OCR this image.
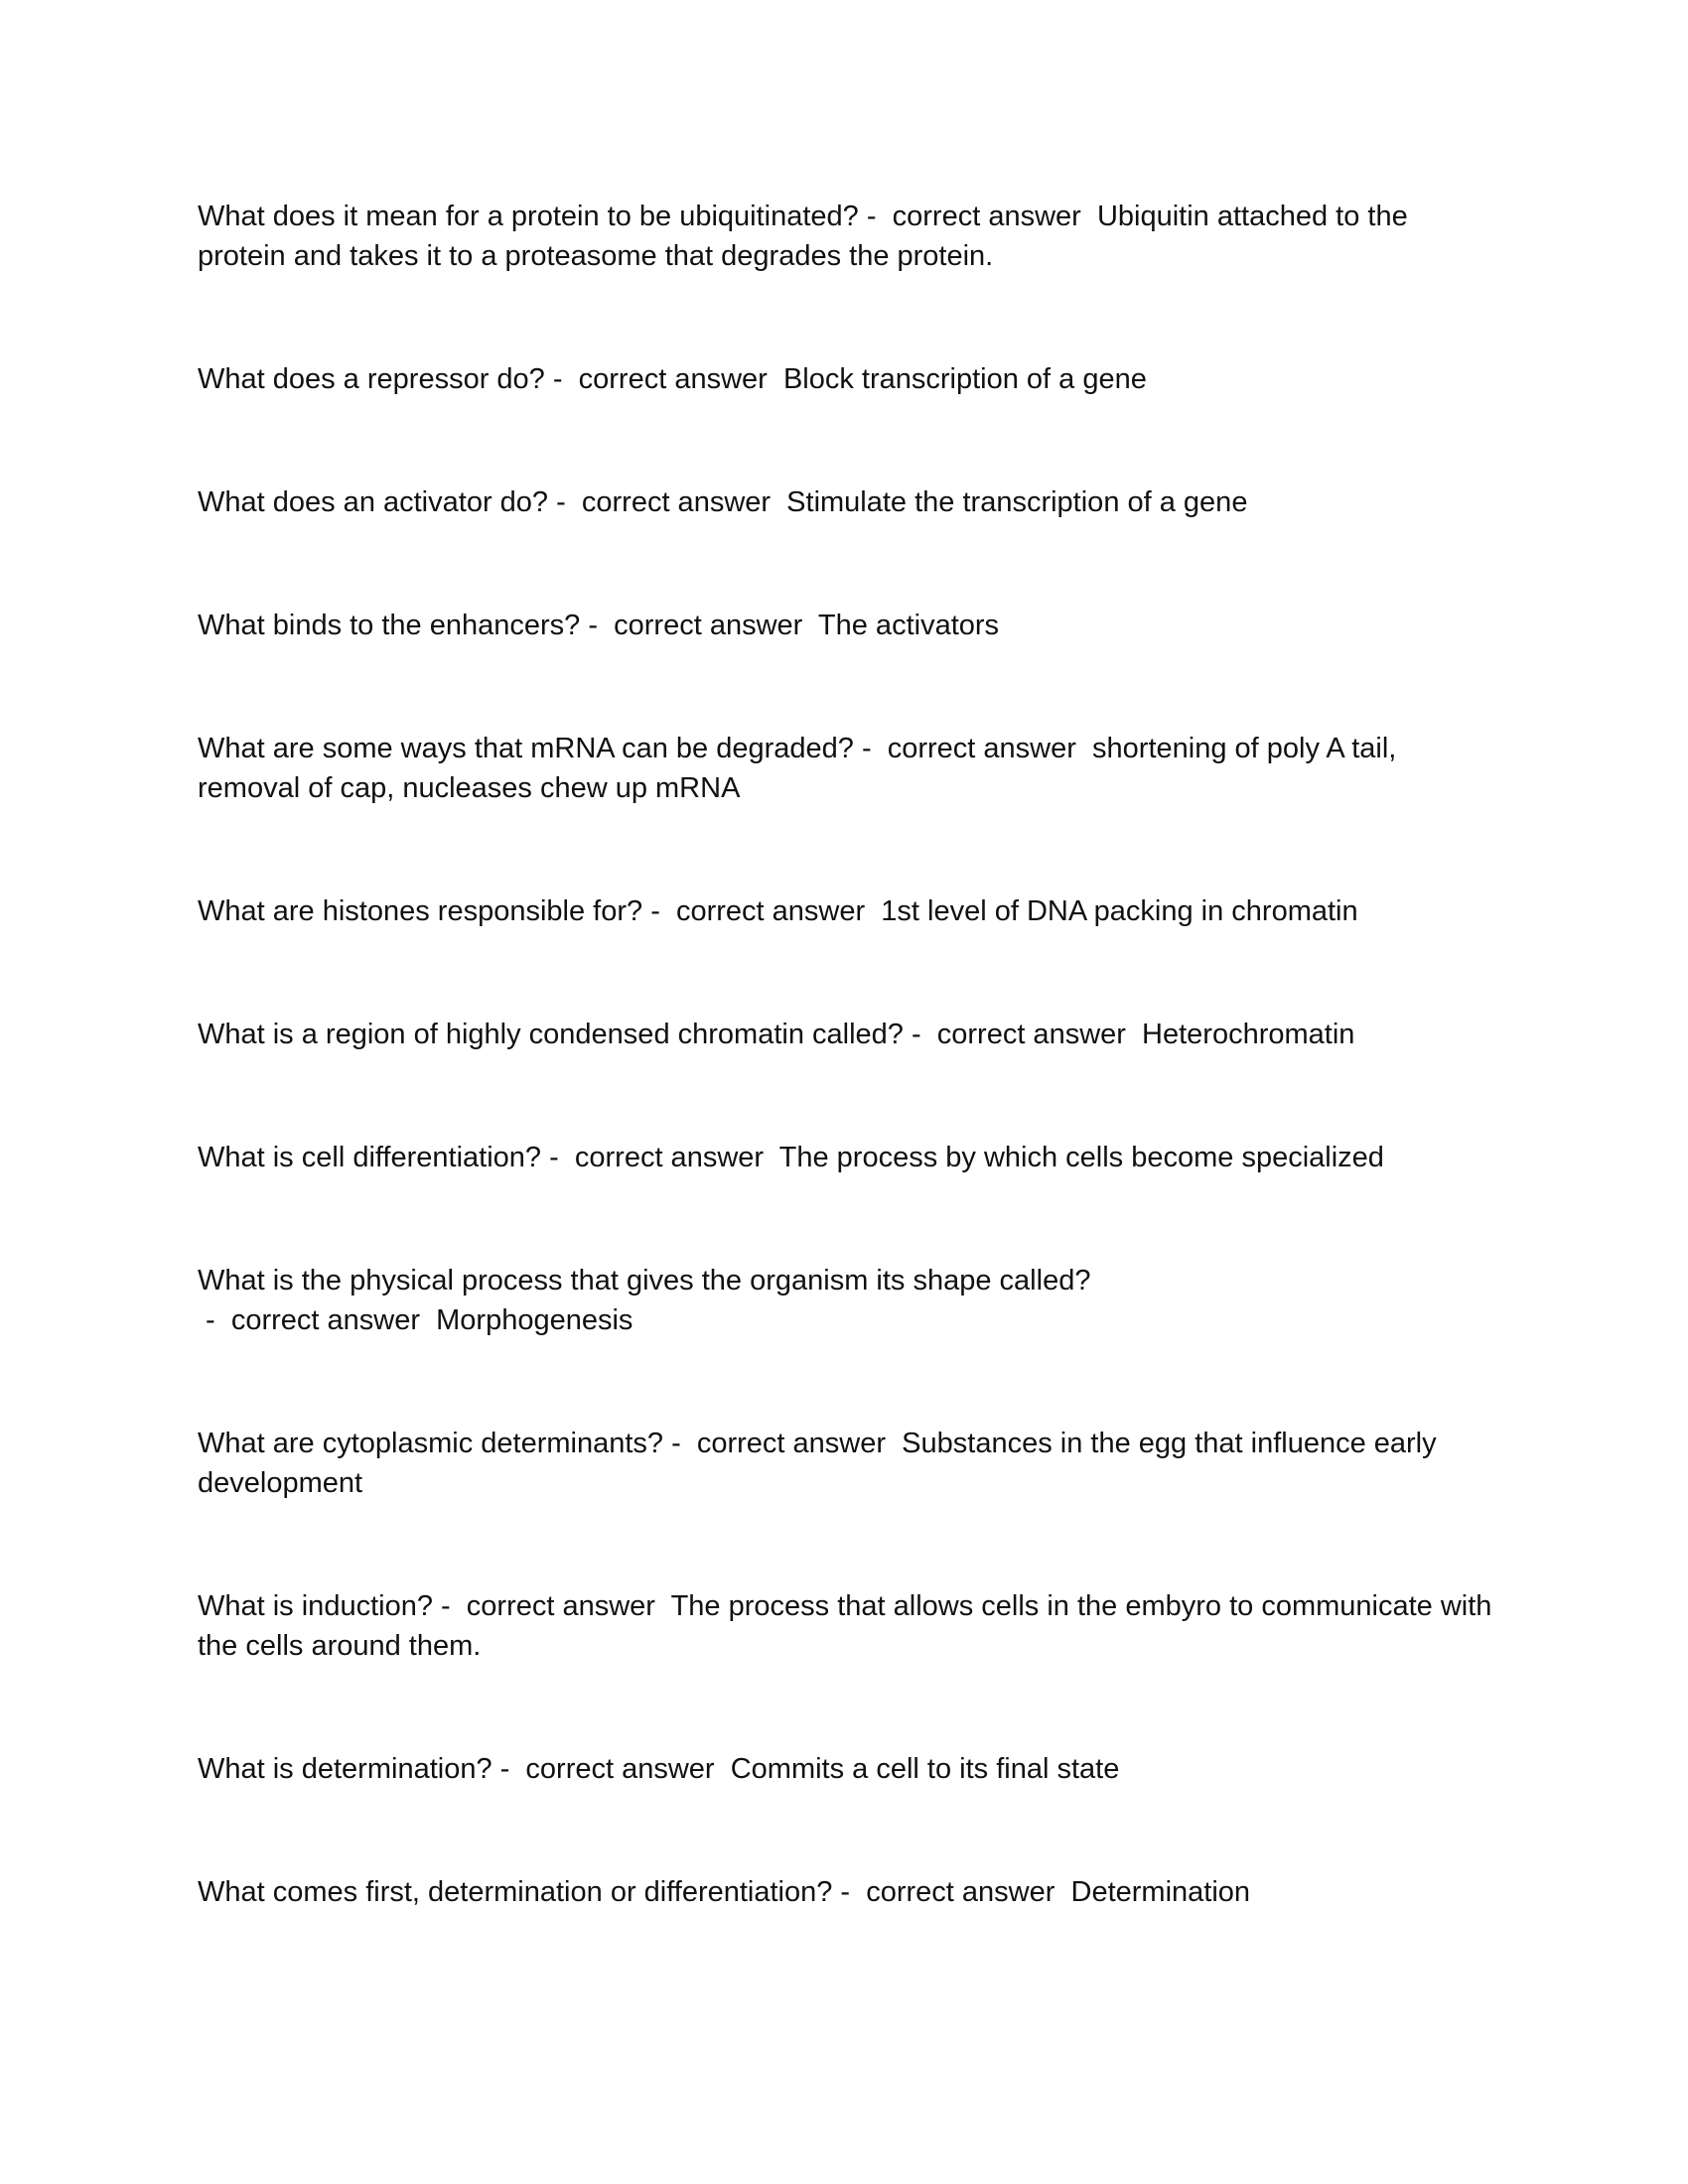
What does it mean for a protein to be ubiquitinated? -  correct answer  Ubiquitin attached to the protein and takes it to a proteasome that degrades the protein.
What does a repressor do? -  correct answer  Block transcription of a gene
What does an activator do? -  correct answer  Stimulate the transcription of a gene
What binds to the enhancers? -  correct answer  The activators
What are some ways that mRNA can be degraded? -  correct answer  shortening of poly A tail, removal of cap, nucleases chew up mRNA
What are histones responsible for? -  correct answer  1st level of DNA packing in chromatin
What is a region of highly condensed chromatin called? -  correct answer  Heterochromatin
What is cell differentiation? -  correct answer  The process by which cells become specialized
What is the physical process that gives the organism its shape called? -  correct answer  Morphogenesis
What are cytoplasmic determinants? -  correct answer  Substances in the egg that influence early development
What is induction? -  correct answer  The process that allows cells in the embyro to communicate with the cells around them.
What is determination? -  correct answer  Commits a cell to its final state
What comes first, determination or differentiation? -  correct answer  Determination
